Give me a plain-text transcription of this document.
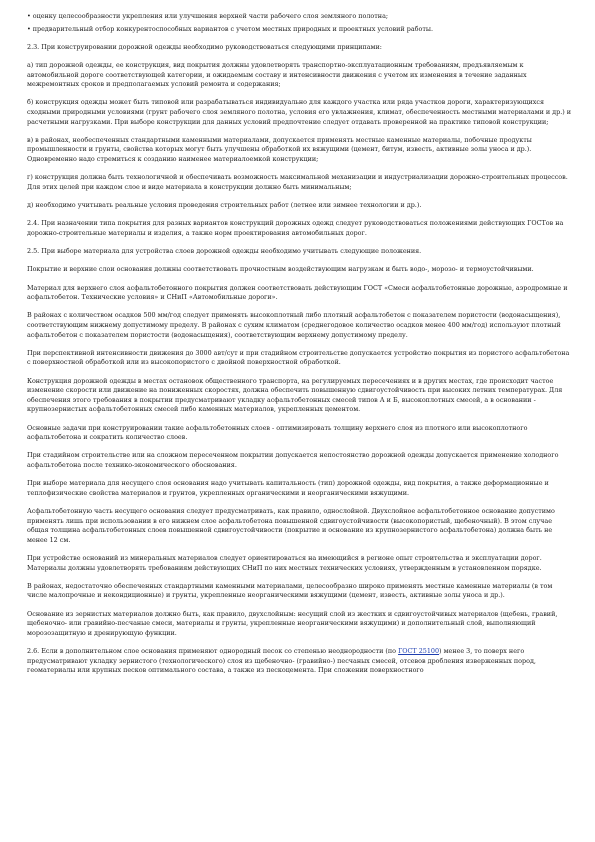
• оценку целесообразности укрепления или улучшения верхней части рабочего слоя земляного полотна;

• предварительный отбор конкурентоспособных вариантов с учетом местных природных и проектных условий работы.

2.3. При конструировании дорожной одежды необходимо руководствоваться следующими принципами:

а) тип дорожной одежды, ее конструкция, вид покрытия должны удовлетворять транспортно-эксплуатационным требованиям, предъявляемым к автомобильной дороге соответствующей категории, и ожидаемым составу и интенсивности движения с учетом их изменения в течение заданных межремонтных сроков и предполагаемых условий ремонта и содержания;

б) конструкция одежды может быть типовой или разрабатываться индивидуально для каждого участка или ряда участков дороги, характеризующихся сходными природными условиями (грунт рабочего слоя земляного полотна, условия его увлажнения, климат, обеспеченность местными материалами и др.) и расчетными нагрузками. При выборе конструкции для данных условий предпочтение следует отдавать проверенной на практике типовой конструкции;

в) в районах, необеспеченных стандартными каменными материалами, допускается применять местные каменные материалы, побочные продукты промышленности и грунты, свойства которых могут быть улучшены обработкой их вяжущими (цемент, битум, известь, активные золы уноса и др.). Одновременно надо стремиться к созданию наименее материалоемкой конструкции;

г) конструкция должна быть технологичной и обеспечивать возможность максимальной механизации и индустриализации дорожно-строительных процессов. Для этих целей при каждом слое и виде материала в конструкции должно быть минимальным;

д) необходимо учитывать реальные условия проведения строительных работ (летнее или зимнее технологии и др.).

2.4. При назначении типа покрытия для разных вариантов конструкций дорожных одежд следует руководствоваться положениями действующих ГОСТов на дорожно-строительные материалы и изделия, а также норм проектирования автомобильных дорог.

2.5. При выборе материала для устройства слоев дорожной одежды необходимо учитывать следующие положения.

Покрытие и верхние слои основания должны соответствовать прочностным воздействующим нагрузкам и быть водо-, морозо- и термоустойчивыми.

Материал для верхнего слоя асфальтобетонного покрытия должен соответствовать действующим ГОСТ «Смеси асфальтобетонные дорожные, аэродромные и асфальтобетон. Технические условия» и СНиП «Автомобильные дороги».

В районах с количеством осадков 500 мм/год следует применять высокоплотный либо плотный асфальтобетон с показателем пористости (водонасыщения), соответствующим нижнему допустимому пределу. В районах с сухим климатом (среднегодовое количество осадков менее 400 мм/год) используют плотный асфальтобетон с показателем пористости (водонасыщения), соответствующим верхнему допустимому пределу.

При перспективной интенсивности движения до 3000 авт/сут и при стадийном строительстве допускается устройство покрытия из пористого асфальтобетона с поверхностной обработкой или из высокопористого с двойной поверхностной обработкой.

Конструкция дорожной одежды в местах остановок общественного транспорта, на регулируемых пересечениях и в других местах, где происходит частое изменение скорости или движение на пониженных скоростях, должна обеспечить повышенную сдвигоустойчивость при высоких летних температурах. Для обеспечения этого требования в покрытии предусматривают укладку асфальтобетонных смесей типов А и Б, высокоплотных смесей, а в основании - крупнозернистых асфальтобетонных смесей либо каменных материалов, укрепленных цементом.

Основные задачи при конструировании такие асфальтобетонных слоев - оптимизировать толщину верхнего слоя из плотного или высокоплотного асфальтобетона и сократить количество слоев.

При стадийном строительстве или на сложном пересеченном покрытии допускается непостоянство дорожной одежды допускается применение холодного асфальтобетона после технико-экономического обоснования.

При выборе материала для несущего слоя основания надо учитывать капитальность (тип) дорожной одежды, вид покрытия, а также деформационные и теплофизические свойства материалов и грунтов, укрепленных органическими и неорганическими вяжущими.

Асфальтобетонную часть несущего основания следует предусматривать, как правило, однослойной. Двухслойное асфальтобетонное основание допустимо применять лишь при использовании в его нижнем слое асфальтобетона повышенной сдвигоустойчивости (высокопористый, щебеночный). В этом случае общая толщина асфальтобетонных слоев повышенной сдвигоустойчивости (покрытие и основание из крупнозернистого асфальтобетона) должна быть не менее 12 см.

При устройстве оснований из минеральных материалов следует ориентироваться на имеющийся в регионе опыт строительства и эксплуатации дорог. Материалы должны удовлетворять требованиям действующих СНиП по них местных технических условиях, утвержденным в установленном порядке.

В районах, недостаточно обеспеченных стандартными каменными материалами, целесообразно широко применять местные каменные материалы (в том числе малопрочные и некондиционные) и грунты, укрепленные неорганическими вяжущими (цемент, известь, активные золы уноса и др.).

Основание из зернистых материалов должно быть, как правило, двухслойным: несущий слой из жестких и сдвигоустойчивых материалов (щебень, гравий, щебеночно- или гравийно-песчаные смеси, материалы и грунты, укрепленные неорганическими вяжущими) и дополнительный слой, выполняющий морозозащитную и дренирующую функции.

2.6. Если в дополнительном слое основания применяют однородный песок со степенью неоднородности (по ГОСТ 25100) менее 3, то поверх него предусматривают укладку зернистого (технологического) слоя из щебеночно- (гравийно-) песчаных смесей, отсевов дробления изверженных пород, геоматериалы или крупных песков оптимального состава, а также из пескоцемента. При сложении поверхностного
